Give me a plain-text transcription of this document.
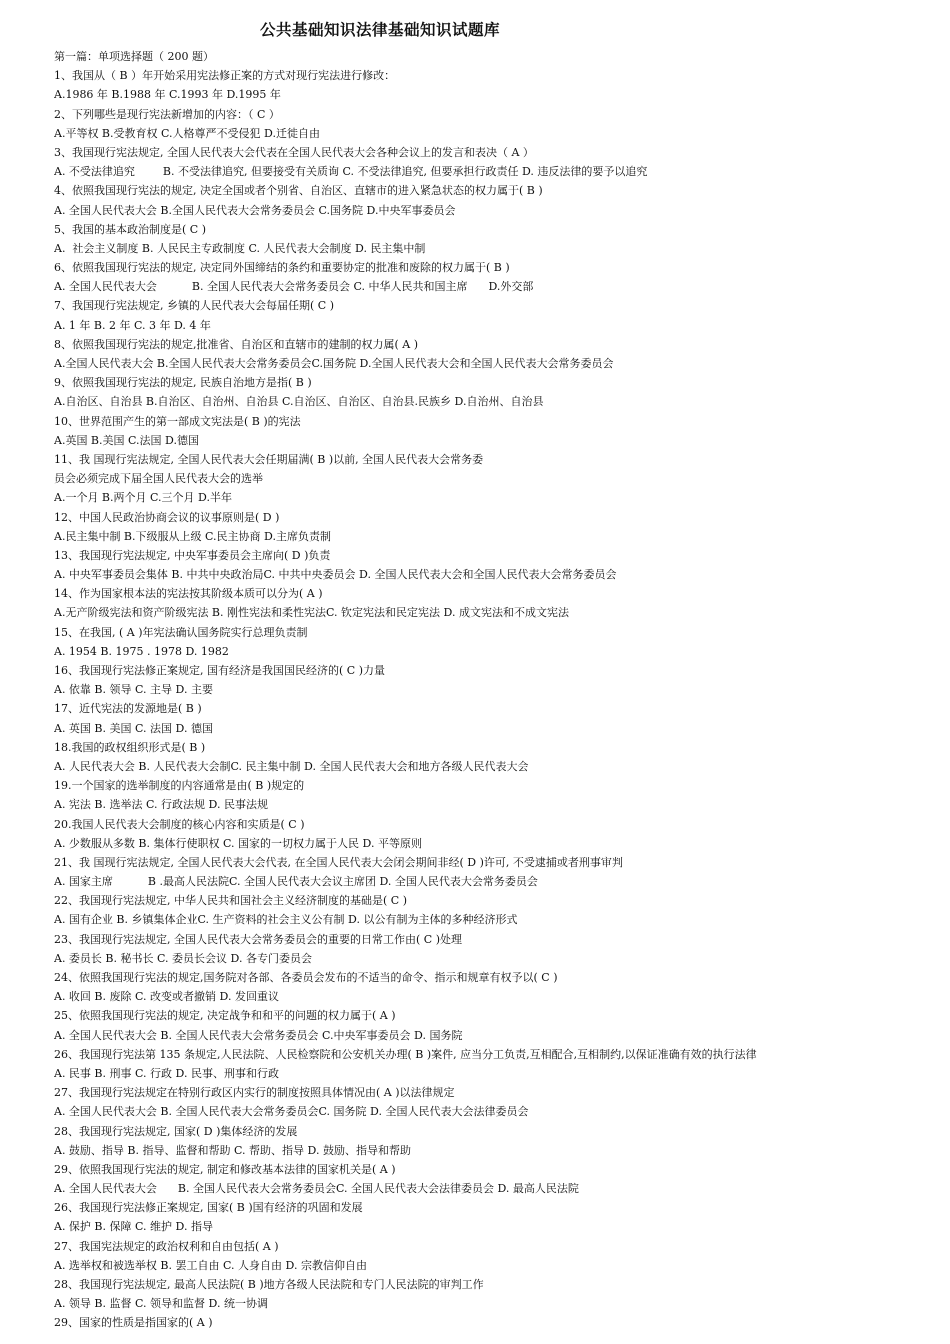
公共基础知识法律基础知识试题库
第一篇：单项选择题（ 200 题）
1、我国从（ B ）年开始采用宪法修正案的方式对现行宪法进行修改：
A.1986 年 B.1988 年 C.1993 年 D.1995 年
2、下列哪些是现行宪法新增加的内容：（ C ）
A.平等权 B.受教育权 C.人格尊严不受侵犯 D.迁徙自由
3、我国现行宪法规定, 全国人民代表大会代表在全国人民代表大会各种会议上的发言和表决（ A ）
A. 不受法律追究        B. 不受法律追究, 但要接受有关质询 C. 不受法律追究, 但要承担行政责任 D. 违反法律的要予以追究
4、依照我国现行宪法的规定, 决定全国或者个别省、自治区、直辖市的进入紧急状态的权力属于( B )
A. 全国人民代表大会 B.全国人民代表大会常务委员会 C.国务院 D.中央军事委员会
5、我国的基本政治制度是( C )
A.  社会主义制度 B. 人民民主专政制度 C. 人民代表大会制度 D. 民主集中制
6、依照我国现行宪法的规定, 决定同外国缔结的条约和重要协定的批准和废除的权力属于( B )
A. 全国人民代表大会          B. 全国人民代表大会常务委员会 C. 中华人民共和国主席      D.外交部
7、我国现行宪法规定, 乡镇的人民代表大会每届任期( C )
A. 1 年 B. 2 年 C. 3 年 D. 4 年
8、依照我国现行宪法的规定,批准省、自治区和直辖市的建制的权力属( A )
A.全国人民代表大会 B.全国人民代表大会常务委员会C.国务院 D.全国人民代表大会和全国人民代表大会常务委员会
9、依照我国现行宪法的规定, 民族自治地方是指( B )
A.自治区、自治县 B.自治区、自治州、自治县 C.自治区、自治区、自治县.民族乡 D.自治州、自治县
10、世界范围产生的第一部成文宪法是( B )的宪法
A.英国 B.美国 C.法国 D.德国
11、我 国现行宪法规定, 全国人民代表大会任期届满( B )以前, 全国人民代表大会常务委
员会必须完成下届全国人民代表大会的选举
A.一个月 B.两个月 C.三个月 D.半年
12、中国人民政治协商会议的议事原则是( D )
A.民主集中制 B.下级服从上级 C.民主协商 D.主席负责制
13、我国现行宪法规定, 中央军事委员会主席向( D )负责
A. 中央军事委员会集体 B. 中共中央政治局C. 中共中央委员会 D. 全国人民代表大会和全国人民代表大会常务委员会
14、作为国家根本法的宪法按其阶级本质可以分为( A )
A.无产阶级宪法和资产阶级宪法 B. 刚性宪法和柔性宪法C. 钦定宪法和民定宪法 D. 成文宪法和不成文宪法
15、在我国, ( A )年宪法确认国务院实行总理负责制
A. 1954 B. 1975 . 1978 D. 1982
16、我国现行宪法修正案规定, 国有经济是我国国民经济的( C )力量
A. 依靠 B. 领导 C. 主导 D. 主要
17、近代宪法的发源地是( B )
A. 英国 B. 美国 C. 法国 D. 德国
18.我国的政权组织形式是( B )
A. 人民代表大会 B. 人民代表大会制C. 民主集中制 D. 全国人民代表大会和地方各级人民代表大会
19.一个国家的选举制度的内容通常是由( B )规定的
A. 宪法 B. 选举法 C. 行政法规 D. 民事法规
20.我国人民代表大会制度的核心内容和实质是( C )
A. 少数服从多数 B. 集体行使职权 C. 国家的一切权力属于人民 D. 平等原则
21、我 国现行宪法规定, 全国人民代表大会代表, 在全国人民代表大会闭会期间非经( D )许可, 不受逮捕或者刑事审判
A. 国家主席          B .最高人民法院C. 全国人民代表大会议主席团 D. 全国人民代表大会常务委员会
22、我国现行宪法规定, 中华人民共和国社会主义经济制度的基础是( C )
A. 国有企业 B. 乡镇集体企业C. 生产资料的社会主义公有制 D. 以公有制为主体的多种经济形式
23、我国现行宪法规定, 全国人民代表大会常务委员会的重要的日常工作由( C )处理
A. 委员长 B. 秘书长 C. 委员长会议 D. 各专门委员会
24、依照我国现行宪法的规定,国务院对各部、各委员会发布的不适当的命令、指示和规章有权予以( C )
A. 收回 B. 废除 C. 改变或者撤销 D. 发回重议
25、依照我国现行宪法的规定, 决定战争和和平的问题的权力属于( A )
A. 全国人民代表大会 B. 全国人民代表大会常务委员会 C.中央军事委员会 D. 国务院
26、我国现行宪法第 135 条规定,人民法院、人民检察院和公安机关办理( B )案件, 应当分工负责,互相配合,互相制约,以保证准确有效的执行法律
A. 民事 B. 刑事 C. 行政 D. 民事、刑事和行政
27、我国现行宪法规定在特别行政区内实行的制度按照具体情况由( A )以法律规定
A. 全国人民代表大会 B. 全国人民代表大会常务委员会C. 国务院 D. 全国人民代表大会法律委员会
28、我国现行宪法规定, 国家( D )集体经济的发展
A. 鼓励、指导 B. 指导、监督和帮助 C. 帮助、指导 D. 鼓励、指导和帮助
29、依照我国现行宪法的规定, 制定和修改基本法律的国家机关是( A )
A. 全国人民代表大会      B. 全国人民代表大会常务委员会C. 全国人民代表大会法律委员会 D. 最高人民法院
26、我国现行宪法修正案规定, 国家( B )国有经济的巩固和发展
A. 保护 B. 保障 C. 维护 D. 指导
27、我国宪法规定的政治权利和自由包括( A )
A. 选举权和被选举权 B. 罢工自由 C. 人身自由 D. 宗教信仰自由
28、我国现行宪法规定, 最高人民法院( B )地方各级人民法院和专门人民法院的审判工作
A. 领导 B. 监督 C. 领导和监督 D. 统一协调
29、国家的性质是指国家的( A )
